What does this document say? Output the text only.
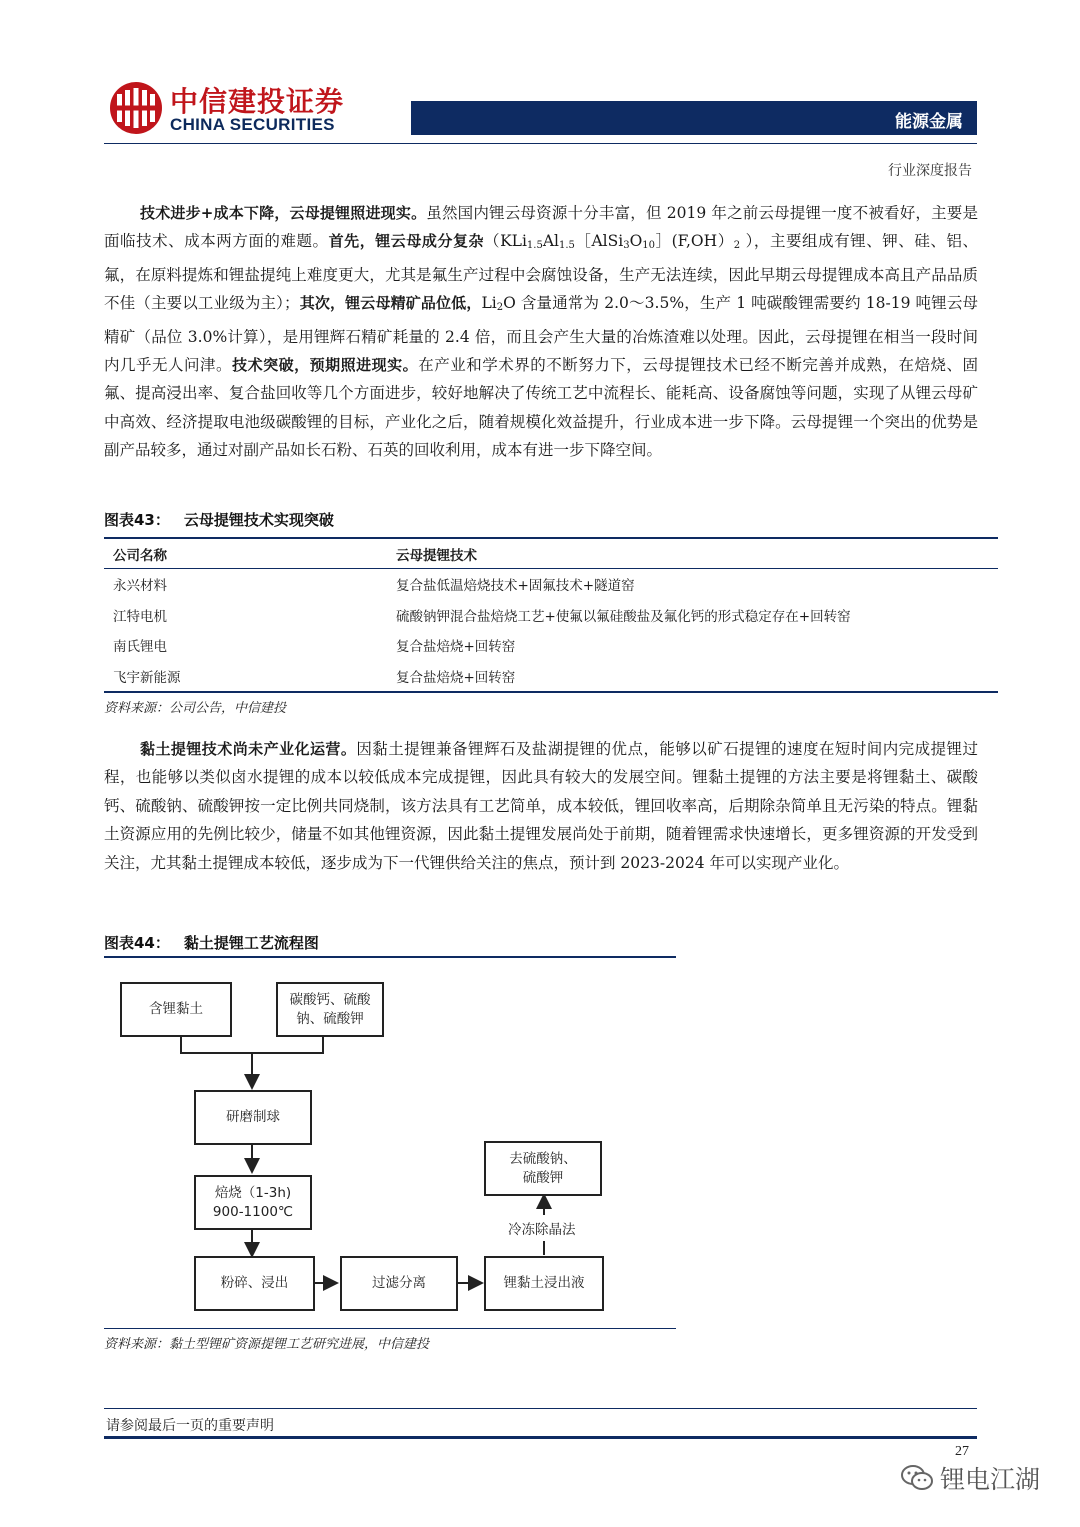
中信建投证券
CHINA SECURITIES	能源金属
行业深度报告

技术进步+成本下降，云母提锂照进现实。虽然国内锂云母资源十分丰富，但 2019 年之前云母提锂一度不被看好，主要是面临技术、成本两方面的难题。首先，锂云母成分复杂（$KLi_{1.5}Al_{1.5}[AlSi_3O_{10}](F,OH)_2$ ），主要组成有锂、钾、硅、铝、氟，在原料提炼和锂盐提纯上难度更大，尤其是氟生产过程中会腐蚀设备，生产无法连续，因此早期云母提锂成本高且产品品质不佳（主要以工业级为主）；其次，锂云母精矿品位低，$Li_2O$ 含量通常为 2.0～3.5%，生产 1 吨碳酸锂需要约 18-19 吨锂云母精矿（品位 3.0%计算），是用锂辉石精矿耗量的 2.4 倍，而且会产生大量的冶炼渣难以处理。因此，云母提锂在相当一段时间内几乎无人问津。技术突破，预期照进现实。在产业和学术界的不断努力下，云母提锂技术已经不断完善并成熟，在焙烧、固氟、提高浸出率、复合盐回收等几个方面进步，较好地解决了传统工艺中流程长、能耗高、设备腐蚀等问题，实现了从锂云母矿中高效、经济提取电池级碳酸锂的目标，产业化之后，随着规模化效益提升，行业成本进一步下降。云母提锂一个突出的优势是副产品较多，通过对副产品如长石粉、石英的回收利用，成本有进一步下降空间。

图表43： 云母提锂技术实现突破
公司名称	云母提锂技术
永兴材料	复合盐低温焙烧技术+固氟技术+隧道窑
江特电机	硫酸钠钾混合盐焙烧工艺+使氟以氟硅酸盐及氟化钙的形式稳定存在+回转窑
南氏锂电	复合盐焙烧+回转窑
飞宇新能源	复合盐焙烧+回转窑
资料来源：公司公告，中信建投

黏土提锂技术尚未产业化运营。因黏土提锂兼备锂辉石及盐湖提锂的优点，能够以矿石提锂的速度在短时间内完成提锂过程，也能够以类似卤水提锂的成本以较低成本完成提锂，因此具有较大的发展空间。锂黏土提锂的方法主要是将锂黏土、碳酸钙、硫酸钠、硫酸钾按一定比例共同烧制，该方法具有工艺简单，成本较低，锂回收率高，后期除杂简单且无污染的特点。锂黏土资源应用的先例比较少，储量不如其他锂资源，因此黏土提锂发展尚处于前期，随着锂需求快速增长，更多锂资源的开发受到关注，尤其黏土提锂成本较低，逐步成为下一代锂供给关注的焦点，预计到 2023-2024 年可以实现产业化。

图表44： 黏土提锂工艺流程图
含锂黏土
碳酸钙、硫酸
钠、硫酸钾
研磨制球
焙烧（1-3h)
900-1100℃
粉碎、浸出	过滤分离	锂黏土浸出液
去硫酸钠、
硫酸钾
冷冻除晶法
资料来源：黏土型锂矿资源提锂工艺研究进展，中信建投
请参阅最后一页的重要声明
27
锂电江湖
